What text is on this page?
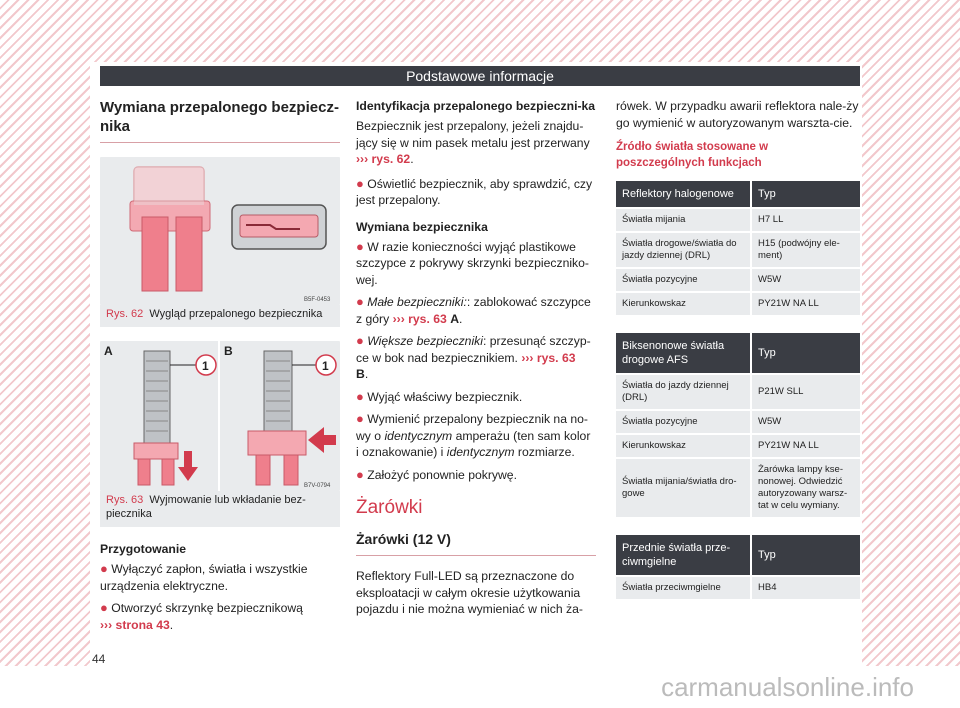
Podstawowe informacje
Wymiana przepalonego bezpiecz-nika
B5F-0453
Rys. 62 Wygląd przepalonego bezpiecznika
A	B
1	1
B7V-0794
Rys. 63 Wyjmowanie lub wkładanie bez-piecznika
Przygotowanie

● Wyłączyć zapłon, światła i wszystkie urządzenia elektryczne.

● Otworzyć skrzynkę bezpiecznikową
››› strona 43.

44
Identyfikacja przepalonego bezpieczni-ka

Bezpiecznik jest przepalony, jeżeli znajdu-jący się w nim pasek metalu jest przerwany
››› rys. 62.

● Oświetlić bezpiecznik, aby sprawdzić, czy jest przepalony.

Wymiana bezpiecznika

● W razie konieczności wyjąć plastikowe szczypce z pokrywy skrzynki bezpieczniko-wej.

● Małe bezpieczniki:: zablokować szczypce z góry ››› rys. 63 A.

● Większe bezpieczniki: przesunąć szczyp-ce w bok nad bezpiecznikiem. ››› rys. 63
B.

● Wyjąć właściwy bezpiecznik.

● Wymienić przepalony bezpiecznik na no-wy o identycznym amperażu (ten sam kolor i oznakowanie) i identycznym rozmiarze.

● Założyć ponownie pokrywę.

Żarówki
Żarówki (12 V)

Reflektory Full-LED są przeznaczone do eksploatacji w całym okresie użytkowania pojazdu i nie można wymieniać w nich ża-

rówek. W przypadku awarii reflektora nale-ży go wymienić w autoryzowanym warszta-cie.

Źródło światła stosowane w poszczególnych funkcjach
Reflektory halogenowe	Typ
Światła mijania	H7 LL
Światła drogowe/światła do jazdy dziennej (DRL)	H15 (podwójny ele-ment)
Światła pozycyjne	W5W
Kierunkowskaz	PY21W NA LL
Biksenonowe światła drogowe AFS	Typ
Światła do jazdy dziennej (DRL)	P21W SLL
Światła pozycyjne	W5W
Kierunkowskaz	PY21W NA LL
Światła mijania/światła dro-gowe	Żarówka lampy kse-nonowej. Odwiedzić autoryzowany warsz-tat w celu wymiany.
Przednie światła prze-ciwmgielne	Typ
Światła przeciwmgielne	HB4
carmanualsonline.info
